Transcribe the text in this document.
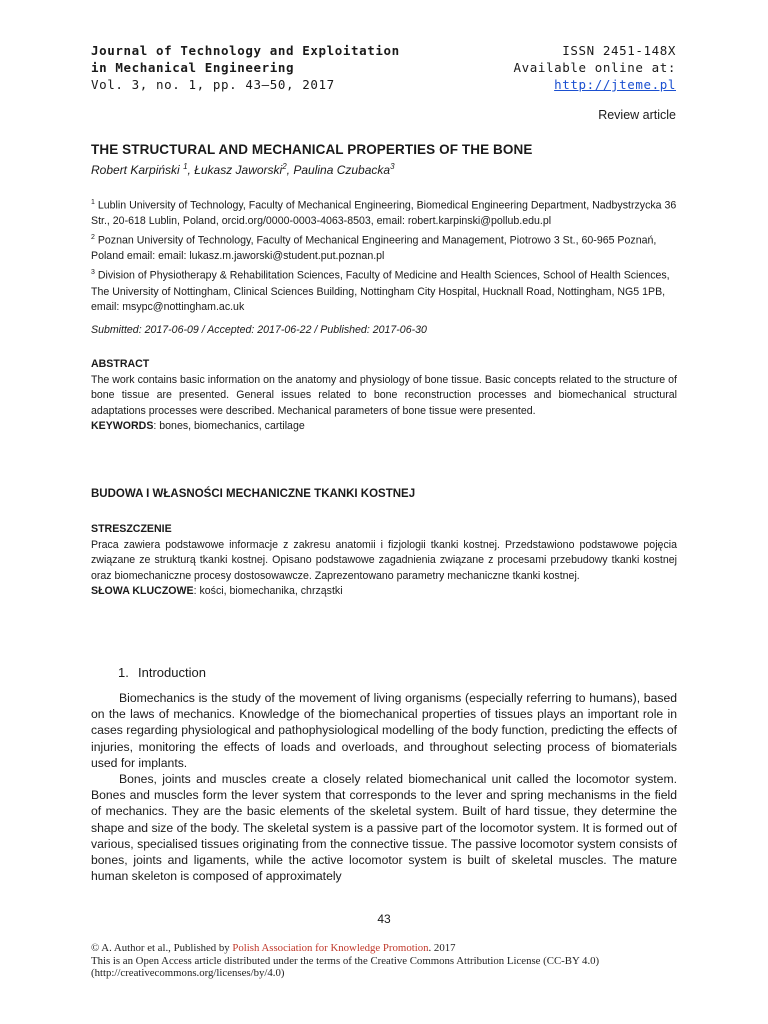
Journal of Technology and Exploitation
in Mechanical Engineering
Vol. 3, no. 1, pp. 43–50, 2017
ISSN 2451-148X
Available online at:
http://jteme.pl
Review article
THE STRUCTURAL AND MECHANICAL PROPERTIES OF THE BONE
Robert Karpiński $^1$, Łukasz Jaworski$^2$, Paulina Czubacka$^3$

$^1$ Lublin University of Technology, Faculty of Mechanical Engineering, Biomedical Engineering Department, Nadbystrzycka 36 Str., 20-618 Lublin, Poland, orcid.org/0000-0003-4063-8503, email: robert.karpinski@pollub.edu.pl

$^2$ Poznan University of Technology, Faculty of Mechanical Engineering and Management, Piotrowo 3 St., 60-965 Poznań, Poland email: email: lukasz.m.jaworski@student.put.poznan.pl

$^3$ Division of Physiotherapy & Rehabilitation Sciences, Faculty of Medicine and Health Sciences, School of Health Sciences, The University of Nottingham, Clinical Sciences Building, Nottingham City Hospital, Hucknall Road, Nottingham, NG5 1PB, email: msypc@nottingham.ac.uk

Submitted: 2017-06-09 / Accepted: 2017-06-22 / Published: 2017-06-30

ABSTRACT

The work contains basic information on the anatomy and physiology of bone tissue. Basic concepts related to the structure of bone tissue are presented. General issues related to bone reconstruction processes and biomechanical structural adaptations processes were described. Mechanical parameters of bone tissue were presented.

KEYWORDS: bones, biomechanics, cartilage

BUDOWA I WŁASNOŚCI MECHANICZNE TKANKI KOSTNEJ

STRESZCZENIE

Praca zawiera podstawowe informacje z zakresu anatomii i fizjologii tkanki kostnej. Przedstawiono podstawowe pojęcia związane ze strukturą tkanki kostnej. Opisano podstawowe zagadnienia związane z procesami przebudowy tkanki kostnej oraz biomechaniczne procesy dostosowawcze. Zaprezentowano parametry mechaniczne tkanki kostnej.

SŁOWA KLUCZOWE: kości, biomechanika, chrząstki

1. Introduction

Biomechanics is the study of the movement of living organisms (especially referring to humans), based on the laws of mechanics. Knowledge of the biomechanical properties of tissues plays an important role in cases regarding physiological and pathophysiological modelling of the body function, predicting the effects of injuries, monitoring the effects of loads and overloads, and throughout selecting process of biomaterials used for implants.

Bones, joints and muscles create a closely related biomechanical unit called the locomotor system. Bones and muscles form the lever system that corresponds to the lever and spring mechanisms in the field of mechanics. They are the basic elements of the skeletal system. Built of hard tissue, they determine the shape and size of the body. The skeletal system is a passive part of the locomotor system. It is formed out of various, specialised tissues originating from the connective tissue. The passive locomotor system consists of bones, joints and ligaments, while the active locomotor system is built of skeletal muscles. The mature human skeleton is composed of approximately

43

© A. Author et al., Published by Polish Association for Knowledge Promotion. 2017

This is an Open Access article distributed under the terms of the Creative Commons Attribution License (CC-BY 4.0)

(http://creativecommons.org/licenses/by/4.0)
